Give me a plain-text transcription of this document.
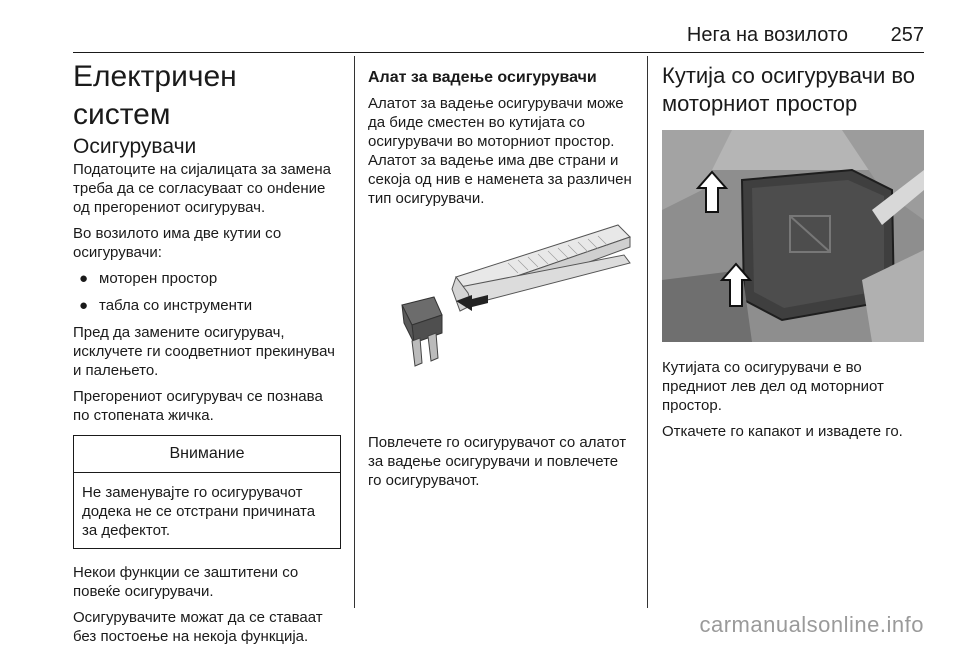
Нега на возилото 257
Електричен систем
Осигурувачи

Податоците на сијалицата за замена треба да се согласуваат со онdение од прегорениот осигурувач.

Во возилото има две кутии со осигурувачи:

● моторен простор
● табла со инструменти

Пред да замените осигурувач, исклучете ги соодветниот прекинувач и палењето.

Прегорениот осигурувач се познава по стопената жичка.

Внимание
Не заменувајте го осигурувачот додека не се отстрани причината за дефектот.

Некои функции се заштитени со повеќе осигурувачи.

Осигурувачите можат да се ставаат без постоење на некоја функција.

Алат за вадење осигурувачи

Алатот за вадење осигурувачи може да биде сместен во кутијата со осигурувачи во моторниот простор. Алатот за вадење има две страни и секоја од нив е наменета за различен тип осигурувачи.

Повлечете го осигурувачот со алатот за вадење осигурувачи и повлечете го осигурувачот.

Кутија со осигурувачи во моторниот простор

Кутијата со осигурувачи е во предниот лев дел од моторниот простор.

Откачете го капакот и извадете го.

carmanualsonline.info
